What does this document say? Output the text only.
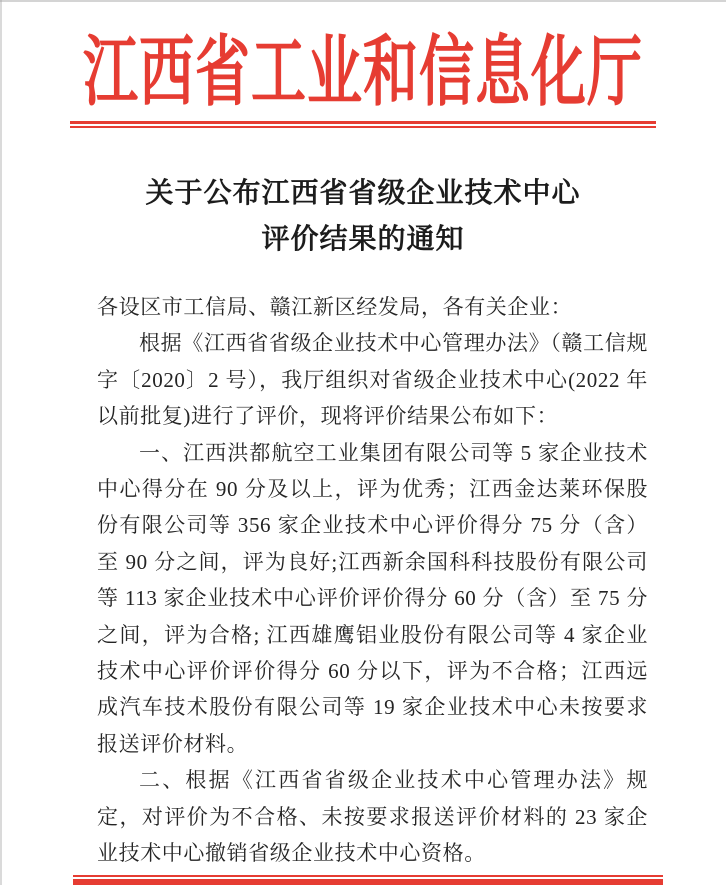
江西省工业和信息化厅
关于公布江西省省级企业技术中心
评价结果的通知

各设区市工信局、赣江新区经发局，各有关企业：

根据《江西省省级企业技术中心管理办法》（赣工信规字〔2020〕2 号），我厅组织对省级企业技术中心(2022 年以前批复)进行了评价，现将评价结果公布如下：

一、江西洪都航空工业集团有限公司等 5 家企业技术中心得分在 90 分及以上，评为优秀；江西金达莱环保股份有限公司等 356 家企业技术中心评价得分 75 分（含）至 90 分之间，评为良好;江西新余国科科技股份有限公司等 113 家企业技术中心评价评价得分 60 分（含）至 75 分之间，评为合格; 江西雄鹰铝业股份有限公司等 4 家企业技术中心评价评价得分 60 分以下，评为不合格；江西远成汽车技术股份有限公司等 19 家企业技术中心未按要求报送评价材料。

二、根据《江西省省级企业技术中心管理办法》规定，对评价为不合格、未按要求报送评价材料的 23 家企业技术中心撤销省级企业技术中心资格。
